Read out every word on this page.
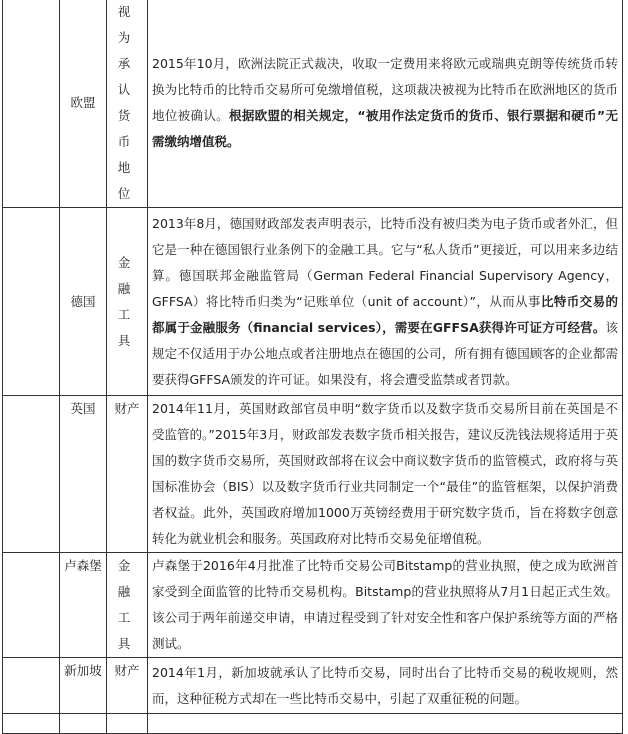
	欧盟	视为承认货币地位	2015年10月，欧洲法院正式裁决，收取一定费用来将欧元或瑞典克朗等传统货币转换为比特币的比特币交易所可免缴增值税，这项裁决被视为比特币在欧洲地区的货币地位被确认。根据欧盟的相关规定，“被用作法定货币的货币、银行票据和硬币”无需缴纳增值税。
	德国	金融工具	2013年8月，德国财政部发表声明表示，比特币没有被归类为电子货币或者外汇，但它是一种在德国银行业条例下的金融工具。它与“私人货币”更接近，可以用来多边结算。德国联邦金融监管局（German Federal Financial Supervisory Agency，GFFSA）将比特币归类为“记账单位（unit of account）”，从而从事比特币交易的都属于金融服务（financial services），需要在GFFSA获得许可证方可经营。该规定不仅适用于办公地点或者注册地点在德国的公司，所有拥有德国顾客的企业都需要获得GFFSA颁发的许可证。如果没有，将会遭受监禁或者罚款。
	英国	财产	2014年11月，英国财政部官员申明“数字货币以及数字货币交易所目前在英国是不受监管的。”2015年3月，财政部发表数字货币相关报告，建议反洗钱法规将适用于英国的数字货币交易所，英国财政部将在议会中商议数字货币的监管模式，政府将与英国标准协会（BIS）以及数字货币行业共同制定一个“最佳”的监管框架，以保护消费者权益。此外，英国政府增加1000万英镑经费用于研究数字货币，旨在将数字创意转化为就业机会和服务。英国政府对比特币交易免征增值税。
	卢森堡	金融工具	卢森堡于2016年4月批准了比特币交易公司Bitstamp的营业执照，使之成为欧洲首家受到全面监管的比特币交易机构。Bitstamp的营业执照将从7月1日起正式生效。该公司于两年前递交申请，申请过程受到了针对安全性和客户保护系统等方面的严格测试。
	新加坡	财产	2014年1月，新加坡就承认了比特币交易，同时出台了比特币交易的税收规则，然而，这种征税方式却在一些比特币交易中，引起了双重征税的问题。
